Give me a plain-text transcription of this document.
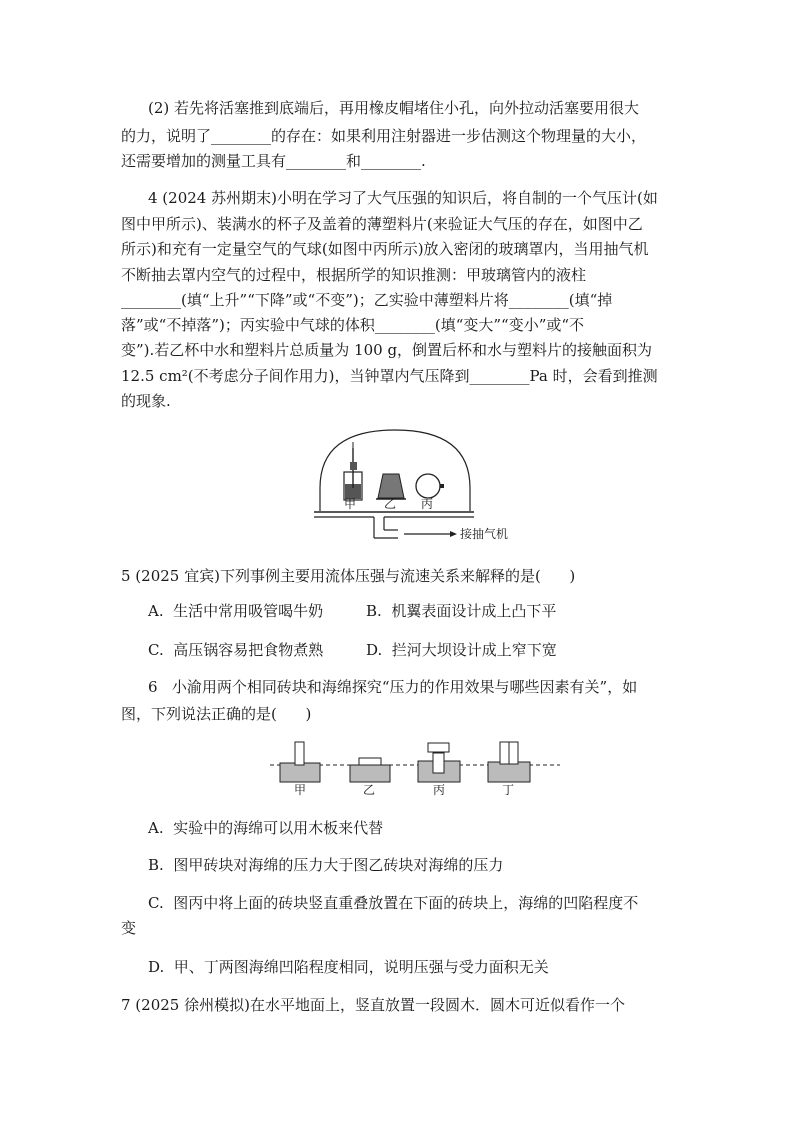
(2) 若先将活塞推到底端后，再用橡皮帽堵住小孔，向外拉动活塞要用很大
的力，说明了________的存在：如果利用注射器进一步估测这个物理量的大小，
还需要增加的测量工具有________和________.
4 (2024 苏州期末)小明在学习了大气压强的知识后，将自制的一个气压计(如
图中甲所示)、装满水的杯子及盖着的薄塑料片(来验证大气压的存在，如图中乙
所示)和充有一定量空气的气球(如图中丙所示)放入密闭的玻璃罩内，当用抽气机
不断抽去罩内空气的过程中，根据所学的知识推测：甲玻璃管内的液柱
________(填“上升”“下降”或“不变”)；乙实验中薄塑料片将________(填“掉
落”或“不掉落”)；丙实验中气球的体积________(填“变大”“变小”或“不
变”).若乙杯中水和塑料片总质量为 100 g，倒置后杯和水与塑料片的接触面积为
12.5 cm²(不考虑分子间作用力)，当钟罩内气压降到________Pa 时，会看到推测
的现象.
甲 乙 丙
接抽气机
5 (2025 宜宾)下列事例主要用流体压强与流速关系来解释的是(      )
A.  生活中常用吸管喝牛奶	B.  机翼表面设计成上凸下平
C.  高压锅容易把食物煮熟	D.  拦河大坝设计成上窄下宽
6   小渝用两个相同砖块和海绵探究“压力的作用效果与哪些因素有关”，如
图，下列说法正确的是(      )
甲	乙	丙	丁
A.  实验中的海绵可以用木板来代替
B.  图甲砖块对海绵的压力大于图乙砖块对海绵的压力
C.  图丙中将上面的砖块竖直重叠放置在下面的砖块上，海绵的凹陷程度不
变
D.  甲、丁两图海绵凹陷程度相同，说明压强与受力面积无关
7 (2025 徐州模拟)在水平地面上，竖直放置一段圆木．圆木可近似看作一个
